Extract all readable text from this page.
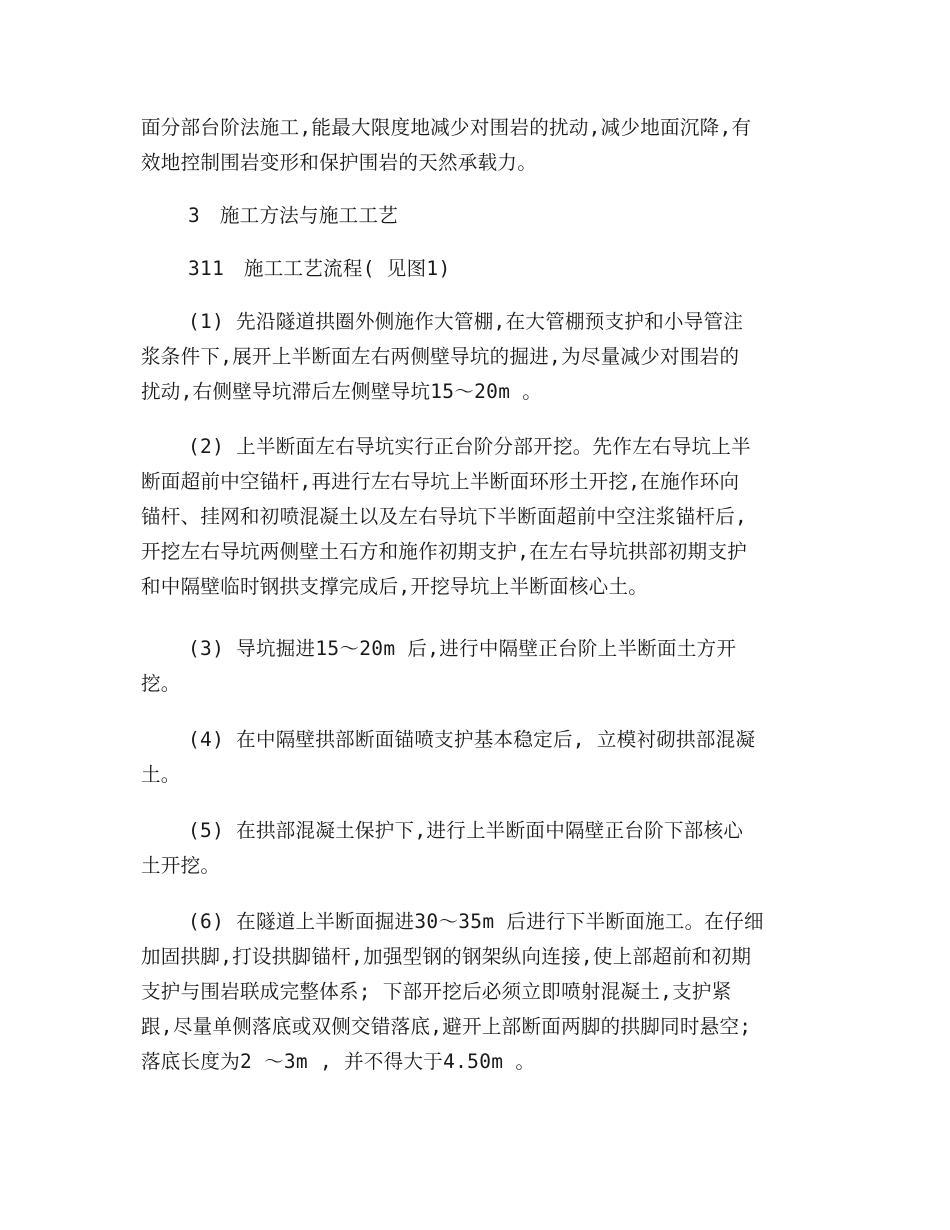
面分部台阶法施工,能最大限度地减少对围岩的扰动,减少地面沉降,有
效地控制围岩变形和保护围岩的天然承载力。

3　施工方法与施工工艺

311　施工工艺流程( 见图1)

(1) 先沿隧道拱圈外侧施作大管棚,在大管棚预支护和小导管注
浆条件下,展开上半断面左右两侧壁导坑的掘进,为尽量减少对围岩的
扰动,右侧壁导坑滞后左侧壁导坑15～20m 。

(2) 上半断面左右导坑实行正台阶分部开挖。先作左右导坑上半
断面超前中空锚杆,再进行左右导坑上半断面环形土开挖,在施作环向
锚杆、挂网和初喷混凝土以及左右导坑下半断面超前中空注浆锚杆后,
开挖左右导坑两侧壁土石方和施作初期支护,在左右导坑拱部初期支护
和中隔壁临时钢拱支撑完成后,开挖导坑上半断面核心土。

(3) 导坑掘进15～20m 后,进行中隔壁正台阶上半断面土方开
挖。

(4) 在中隔壁拱部断面锚喷支护基本稳定后, 立模衬砌拱部混凝
土。

(5) 在拱部混凝土保护下,进行上半断面中隔壁正台阶下部核心
土开挖。

(6) 在隧道上半断面掘进30～35m 后进行下半断面施工。在仔细
加固拱脚,打设拱脚锚杆,加强型钢的钢架纵向连接,使上部超前和初期
支护与围岩联成完整体系; 下部开挖后必须立即喷射混凝土,支护紧
跟,尽量单侧落底或双侧交错落底,避开上部断面两脚的拱脚同时悬空;
落底长度为2 ～3m , 并不得大于4.50m 。
